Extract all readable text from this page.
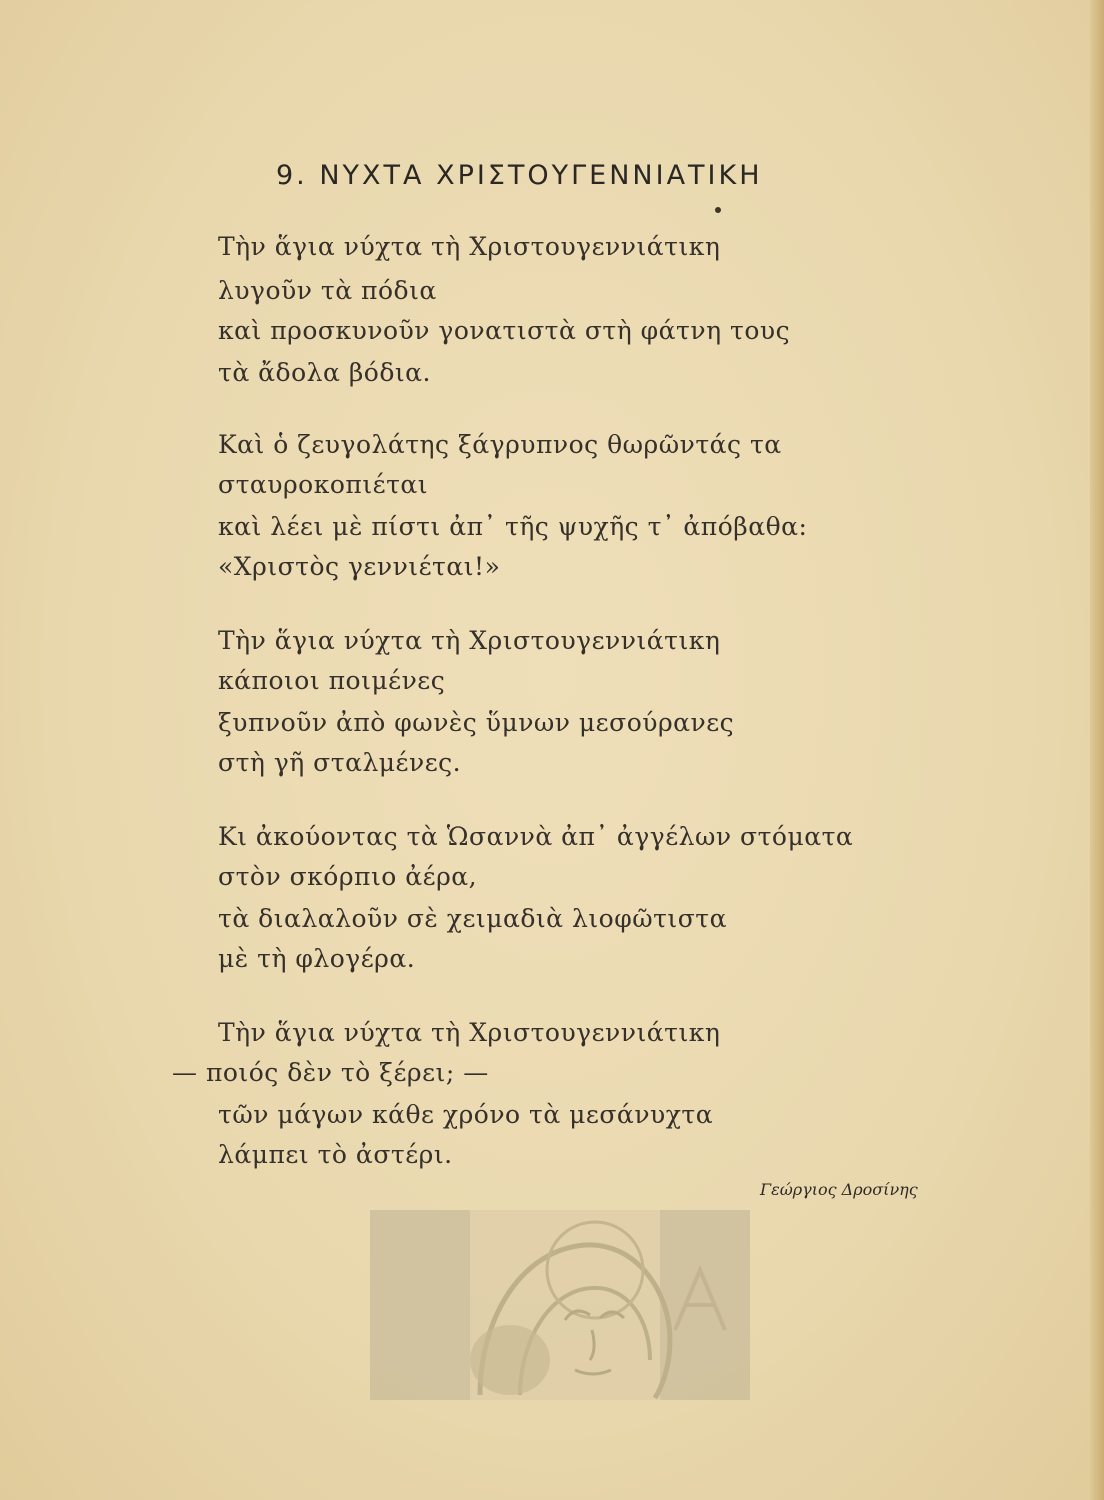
9. ΝΥΧΤΑ ΧΡΙΣΤΟΥΓΕΝΝΙΑΤΙΚΗ
Τὴν ἅγια νύχτα τὴ Χριστουγεννιάτικη
λυγοῦν τὰ πόδια
καὶ προσκυνοῦν γονατιστὰ στὴ φάτνη τους
τὰ ἄδολα βόδια.
Καὶ ὁ ζευγολάτης ξάγρυπνος θωρῶντάς τα
σταυροκοπιέται
καὶ λέει μὲ πίστι ἀπ᾽ τῆς ψυχῆς τ᾽ ἀπόβαθα:
«Χριστὸς γεννιέται!»
Τὴν ἅγια νύχτα τὴ Χριστουγεννιάτικη
κάποιοι ποιμένες
ξυπνοῦν ἀπὸ φωνὲς ὕμνων μεσούρανες
στὴ γῆ σταλμένες.
Κι ἀκούοντας τὰ Ὡσαννὰ ἀπ᾽ ἀγγέλων στόματα
στὸν σκόρπιο ἀέρα,
τὰ διαλαλοῦν σὲ χειμαδιὰ λιοφῶτιστα
μὲ τὴ φλογέρα.
Τὴν ἅγια νύχτα τὴ Χριστουγεννιάτικη
— ποιός δὲν τὸ ξέρει; —
τῶν μάγων κάθε χρόνο τὰ μεσάνυχτα
λάμπει τὸ ἀστέρι.
Γεώργιος Δροσίνης
